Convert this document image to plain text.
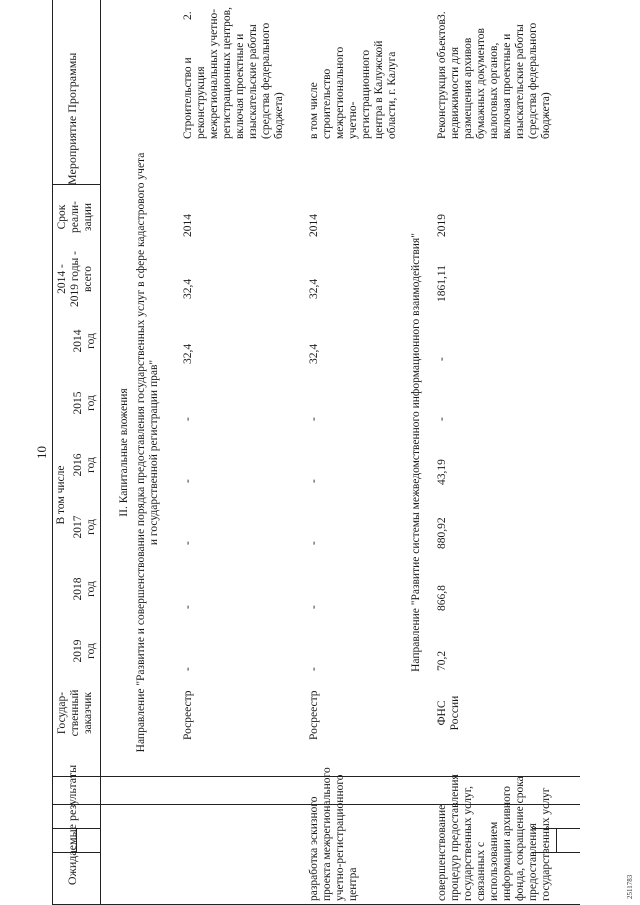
10
2511783
Мероприятие Программы
Срок реали- зации
2014 - 2019 годы - всего
В том числе
2014 год
2015 год
2016 год
2017 год
2018 год
2019 год
Государ- ственный заказчик
Ожидаемые результаты
II. Капитальные вложения Направление "Развитие и совершенствование порядка предоставления государственных услуг в сфере кадастрового учета и государственной регистрации прав"	Направление "Развитие системы межведомственного информационного взаимодействия"
2.
Строительство и реконструкция межрегиональных учетно- регистрационных центров, включая проектные и изыскательские работы (средства федерального бюджета)
2014
32,4
32,4
-
-
-
-
-
Росреестр
в том числе строительство межрегионального учетно- регистрационного центра в Калужской области, г. Калуга
2014
32,4
32,4
-
-
-
-
-
Росреестр
разработка эскизного проекта межрегионального учетно-регистрационного центра
3.
Реконструкция объектов недвижимости для размещения архивов бумажных документов налоговых органов, включая проектные и изыскательские работы (средства федерального бюджета)
2019
1861,11
-
-
43,19
880,92
866,8
70,2
ФНС России
совершенствование процедур предоставления государственных услуг, связанных с использованием информации архивного фонда, сокращение срока предоставления государственных услуг
